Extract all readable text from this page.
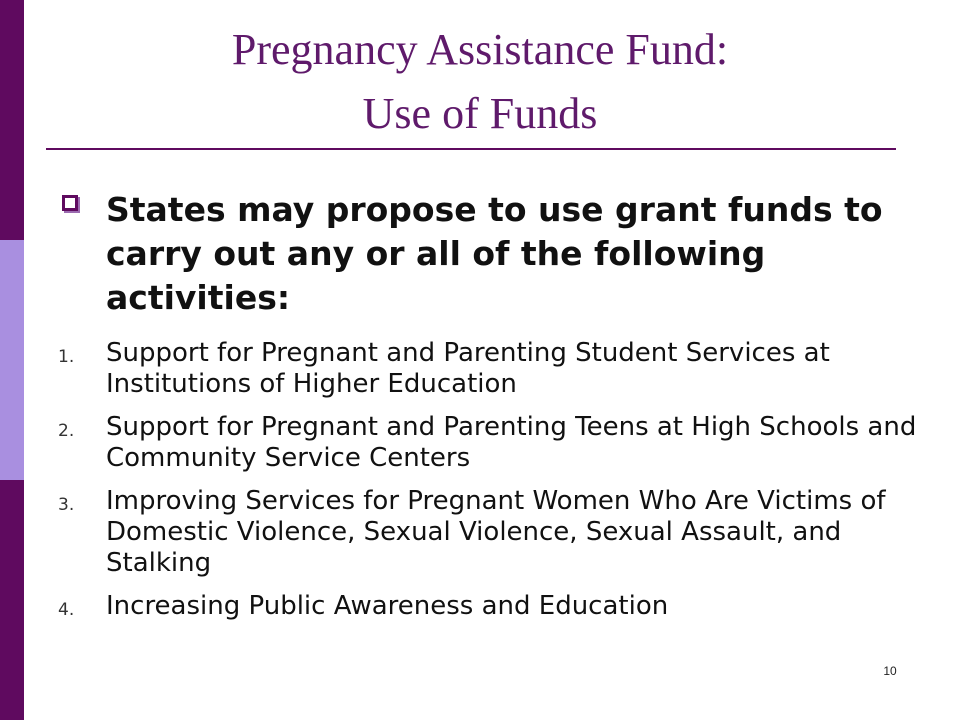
Pregnancy Assistance Fund:
Use of Funds
States may propose to use grant funds to carry out any or all of the following activities:
1. Support for Pregnant and Parenting Student Services at Institutions of Higher Education
2. Support for Pregnant and Parenting Teens at High Schools and Community Service Centers
3. Improving Services for Pregnant Women Who Are Victims of Domestic Violence, Sexual Violence, Sexual Assault, and Stalking
4. Increasing Public Awareness and Education
10
